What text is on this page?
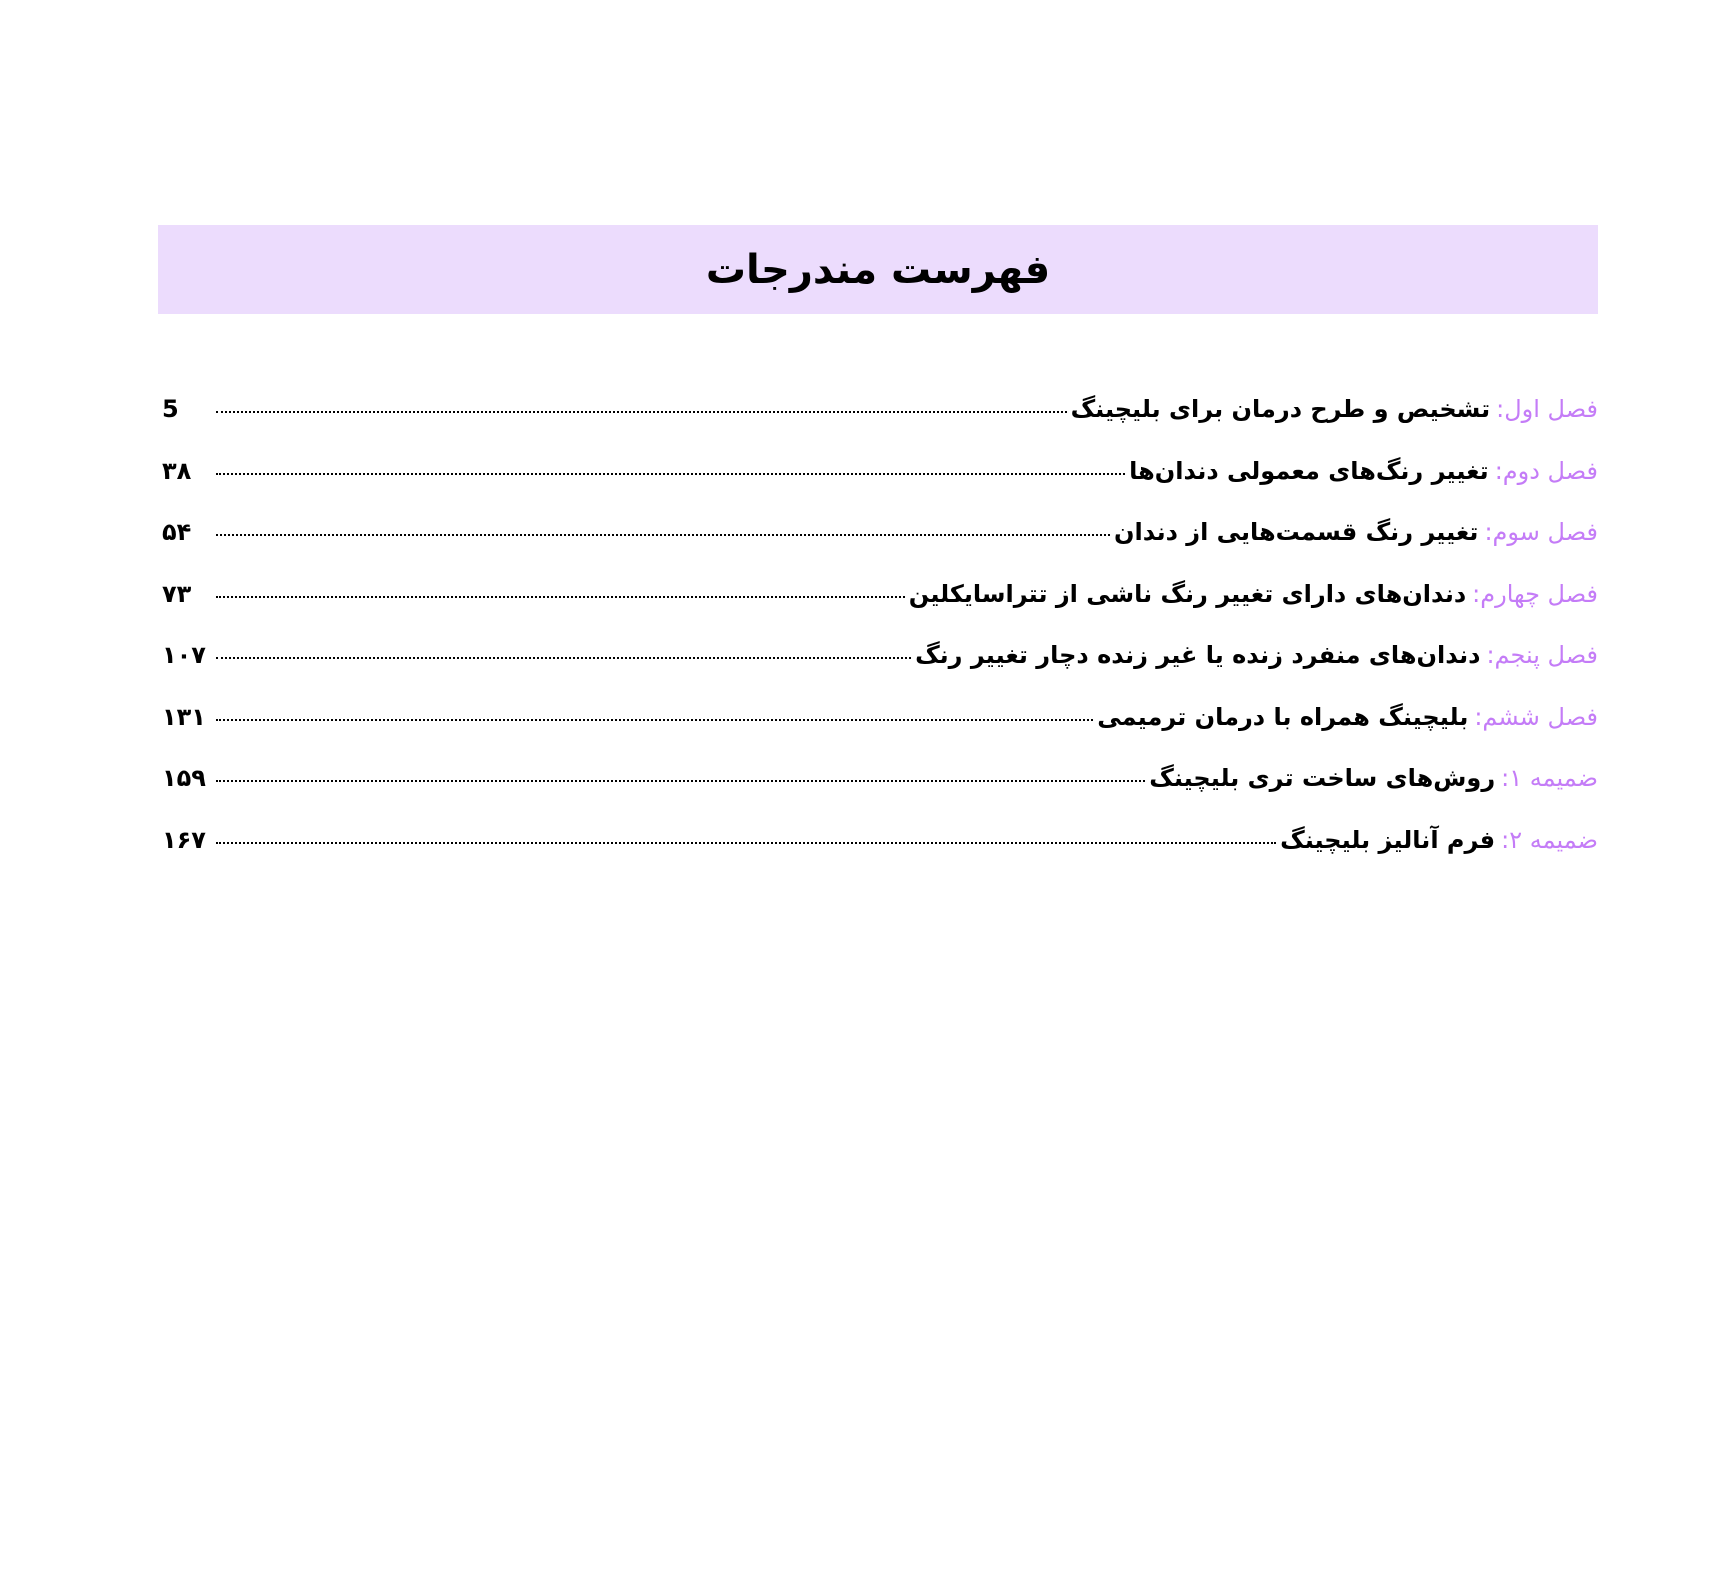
فهرست مندرجات
فصل اول:
تشخیص و طرح درمان برای بلیچینگ
5
فصل دوم:
تغییر رنگ‌های معمولی دندان‌ها
۳۸
فصل سوم:
تغییر رنگ قسمت‌هایی از دندان
۵۴
فصل چهارم:
دندان‌های دارای تغییر رنگ ناشی از تتراسایکلین
۷۳
فصل پنجم:
دندان‌های منفرد زنده یا غیر زنده دچار تغییر رنگ
۱۰۷
فصل ششم:
بلیچینگ همراه با درمان ترمیمی
۱۳۱
ضمیمه ۱:
روش‌های ساخت تری بلیچینگ
۱۵۹
ضمیمه ۲:
فرم آنالیز بلیچینگ
۱۶۷
